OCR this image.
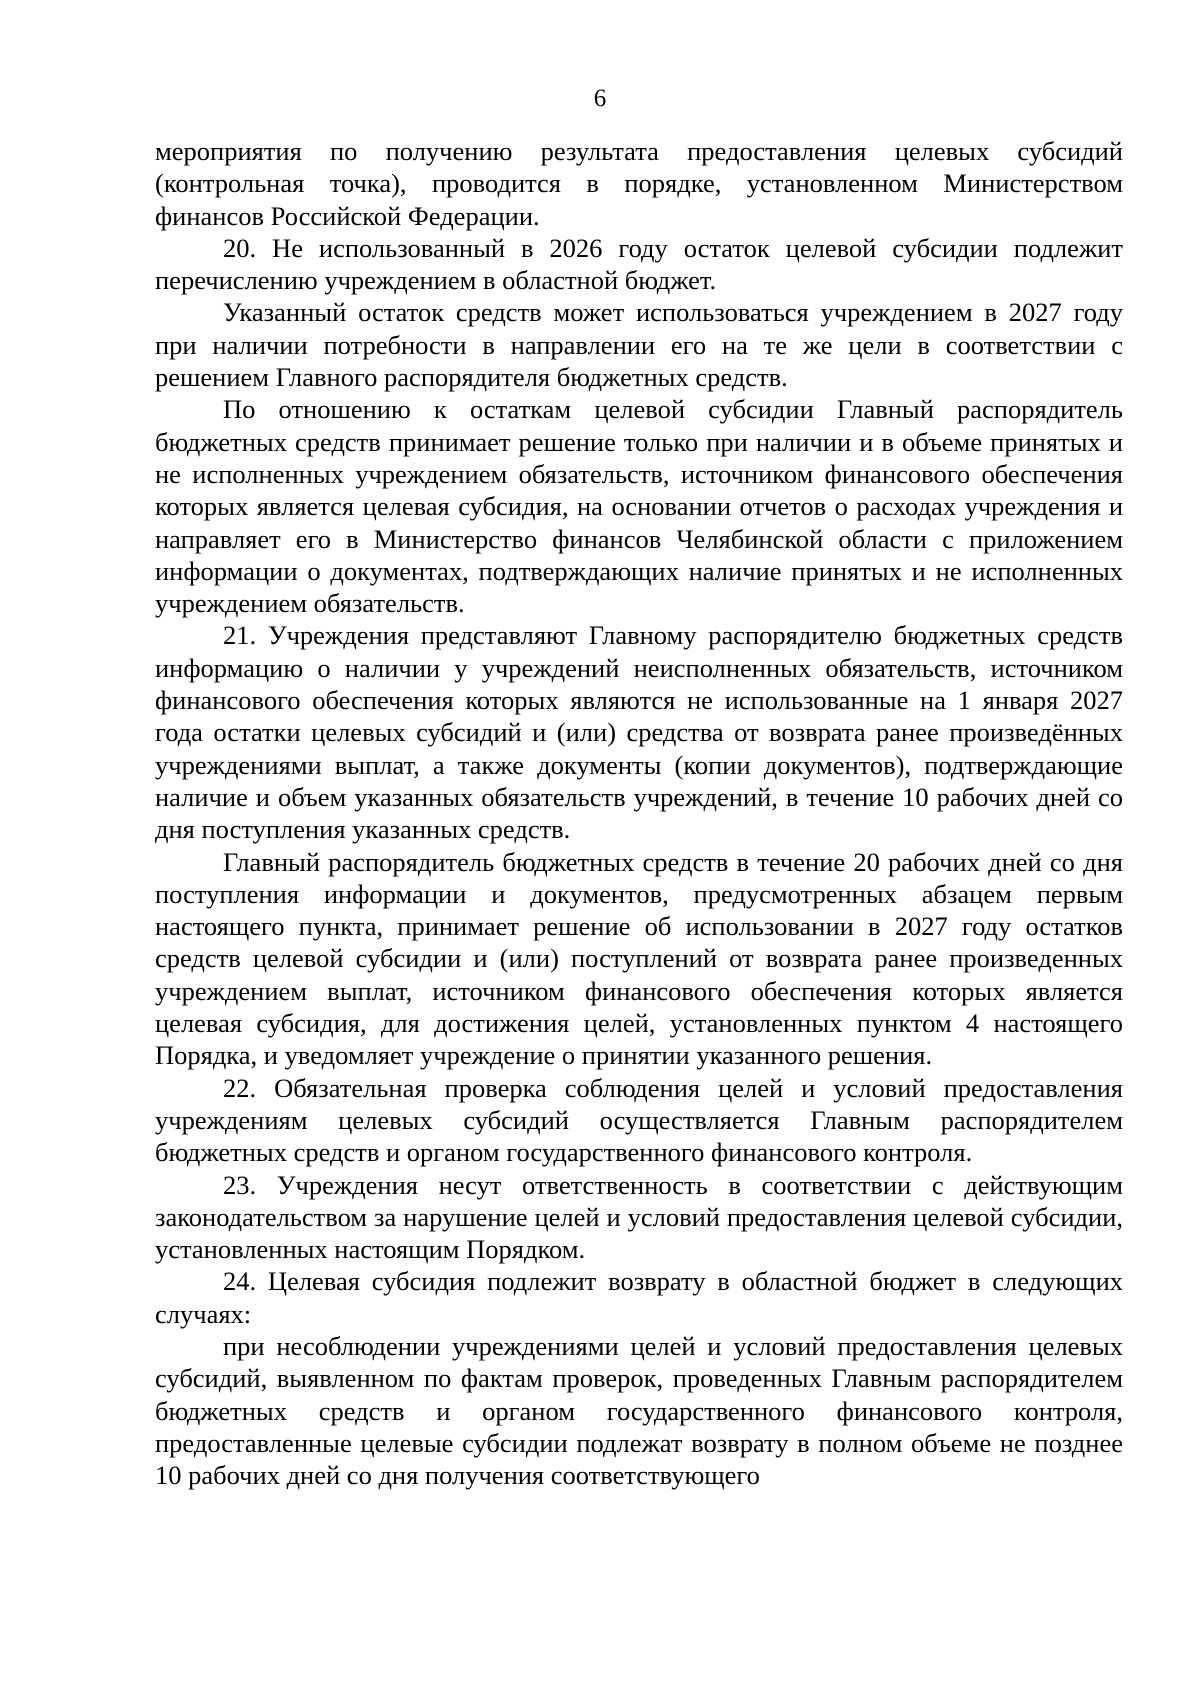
6

мероприятия по получению результата предоставления целевых субсидий (контрольная точка), проводится в порядке, установленном Министерством финансов Российской Федерации.

20. Не использованный в 2026 году остаток целевой субсидии подлежит перечислению учреждением в областной бюджет.

Указанный остаток средств может использоваться учреждением в 2027 году при наличии потребности в направлении его на те же цели в соответствии с решением Главного распорядителя бюджетных средств.

По отношению к остаткам целевой субсидии Главный распорядитель бюджетных средств принимает решение только при наличии и в объеме принятых и не исполненных учреждением обязательств, источником финансового обеспечения которых является целевая субсидия, на основании отчетов о расходах учреждения и направляет его в Министерство финансов Челябинской области с приложением информации о документах, подтверждающих наличие принятых и не исполненных учреждением обязательств.

21. Учреждения представляют Главному распорядителю бюджетных средств информацию о наличии у учреждений неисполненных обязательств, источником финансового обеспечения которых являются не использованные на 1 января 2027 года остатки целевых субсидий и (или) средства от возврата ранее произведённых учреждениями выплат, а также документы (копии документов), подтверждающие наличие и объем указанных обязательств учреждений, в течение 10 рабочих дней со дня поступления указанных средств.

Главный распорядитель бюджетных средств в течение 20 рабочих дней со дня поступления информации и документов, предусмотренных абзацем первым настоящего пункта, принимает решение об использовании в 2027 году остатков средств целевой субсидии и (или) поступлений от возврата ранее произведенных учреждением выплат, источником финансового обеспечения которых является целевая субсидия, для достижения целей, установленных пунктом 4 настоящего Порядка, и уведомляет учреждение о принятии указанного решения.

22. Обязательная проверка соблюдения целей и условий предоставления учреждениям целевых субсидий осуществляется Главным распорядителем бюджетных средств и органом государственного финансового контроля.

23. Учреждения несут ответственность в соответствии с действующим законодательством за нарушение целей и условий предоставления целевой субсидии, установленных настоящим Порядком.

24. Целевая субсидия подлежит возврату в областной бюджет в следующих случаях:

при несоблюдении учреждениями целей и условий предоставления целевых субсидий, выявленном по фактам проверок, проведенных Главным распорядителем бюджетных средств и органом государственного финансового контроля, предоставленные целевые субсидии подлежат возврату в полном объеме не позднее 10 рабочих дней со дня получения соответствующего
